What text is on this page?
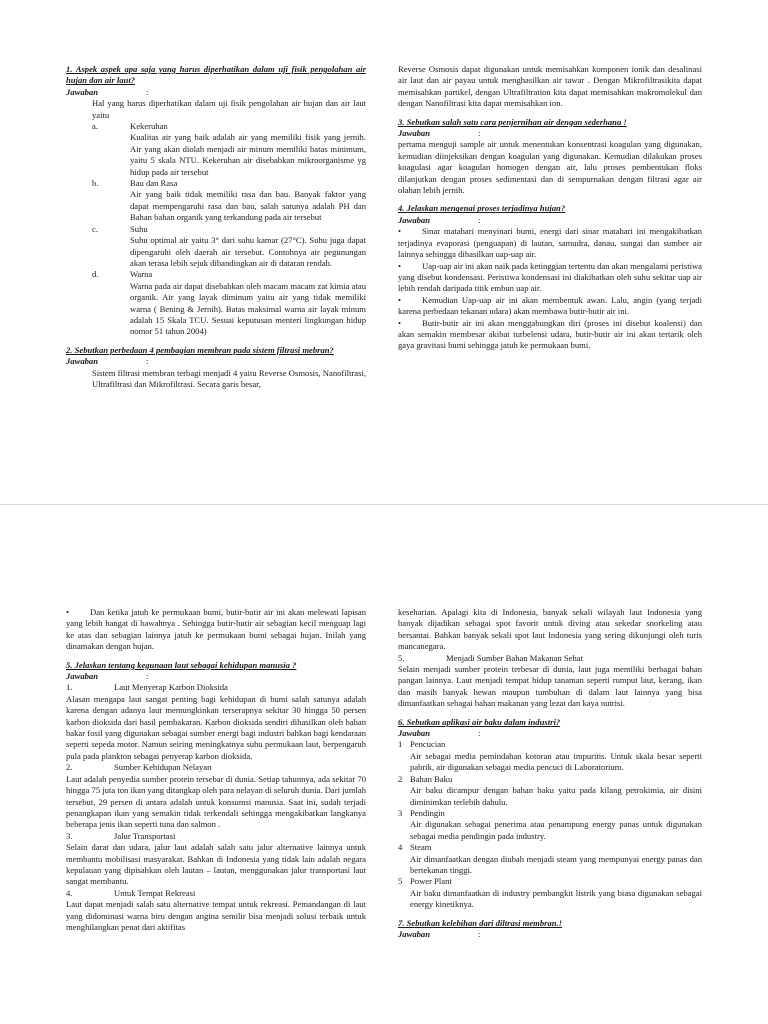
1. Aspek aspek apa saja yang harus diperhatikan dalam uji fisik pengolahan air hujan dan air laut?

Jawaban	:

Hal yang harus diperhatikan dalam uji fisik pengolahan air hujan dan air laut yaitu

a.	Kekeruhan

Kualitas air yang baik adalah air yang memiliki fisik yang jernih. Air yang akan diolah menjadi air minum memiliki batas minimum, yaitu 5 skala NTU. Kekeruhan air disebabkan mikroorganisme yg hidup pada air tersebut

b.	Bau dan Rasa

Air yang baik tidak memiliki rasa dan bau. Banyak faktor yang dapat mempengaruhi rasa dan bau, salah satunya adalah PH dan Bahan bahan organik yang terkandung pada air tersebut

c.	Suhu

Suhu optimal air yaitu 3° dari suhu kamar (27°C). Suhu juga dapat dipengaruhi oleh daerah air tersebut. Contohnya air pegunungan akan terasa lebih sejuk dibandingkan air di dataran rendah.

d.	Warna

Warna pada air dapat disebabkan oleh macam macam zat kimia atau organik. Air yang layak diminum yaitu air yang tidak memiliki warna ( Bening & Jernih). Batas maksimal warna air layak minum adalah 15 Skala TCU. Sesuai keputusan menteri lingkungan hidup nomor 51 tahun 2004)

2. Sebutkan perbedaan 4 pembagian membran pada sistem filtrasi mebran?

Jawaban	:

Sistem filtrasi membran terbagi menjadi 4 yaitu Reverse Osmosis, Nanofiltrasi, Ultrafiltrasi dan Mikrofiltrasi. Secara garis besar,

Reverse Osmosis dapat digunakan untuk memisahkan komponen ionik dan desalinasi air laut dan air payau untuk menghasilkan air tawar . Dengan Mikrofiltrasikita dapat memisahkan partikel, dengan Ultrafiltration kita dapat memisahkan makromolekul dan dengan Nanofiltrasi kita dapat memisahkan ion.

3. Sebutkan salah satu cara penjernihan air dengan sederhana !

Jawaban	:

pertama menguji sample air untuk menentukan konsentrasi koagulan yang digunakan, kemudian diinjeksikan dengan koagulan yang digunakan. Kemudian dilakukan proses koagulasi agar koagulan homogen dengan air, lalu proses pembentukan floks dilanjutkan dengan proses sedimentasi dan di sempurnakan dengan filtrasi agar air olahan lebih jernih.

4. Jelaskan mengenai proses terjadinya hujan?

Jawaban	:

• Sinar matahari menyinari bumi, energi dari sinar matahari ini mengakibatkan terjadinya evaporasi (penguapan) di lautan, samudra, danau, sungai dan sumber air lainnya sehingga dihasilkan uap-uap air.

• Uap-uap air ini akan naik pada ketinggian tertentu dan akan mengalami peristiwa yang disebut kondensasi. Peristiwa kondensasi ini diakibatkan oleh suhu sekitar uap air lebih rendah daripada titik embun uap air.

• Kemudian Uap-uap air ini akan membentuk awan. Lalu, angin (yang terjadi karena perbedaan tekanan udara) akan membawa butir-butir air ini.

• Butir-butir air ini akan menggabungkan diri (proses ini disebut koalensi) dan akan semakin membesar akibat turbelensi udara, butir-butir air ini akan tertarik oleh gaya gravitasi bumi sehingga jatuh ke permukaan bumi.

• Dan ketika jatuh ke permukaan bumi, butir-butir air ini akan melewati lapisan yang lebih hangat di bawahnya . Sehingga butir-butir air sebagian kecil menguap lagi ke atas dan sebagian lainnya jatuh ke permukaan bumi sebagai hujan. Inilah yang dinamakan dengan hujan.

5. Jelaskan tentang kegunaan laut sebagai kehidupan manusia ?

Jawaban	:

1.	Laut Menyerap Karbon Dioksida

Alasan mengapa laut sangat penting bagi kehidupan di bumi salah satunya adalah karena dengan adanya laut memungkinkan terserapnya sekitar 30 hingga 50 persen karbon dioksida dari hasil pembakaran. Karbon dioksida sendiri dihasilkan oleh bahan bakar fosil yang digunakan sebagai sumber energi bagi industri bahkan bagi kendaraan seperti sepeda motor. Namun seiring meningkatnya suhu permukaan laut, berpengaruh pula pada plankton sebagai penyerap karbon dioksida.

2.	Sumber Kehidupan Nelayan

Laut adalah penyedia sumber protein tersebar di dunia. Setiap tahunnya, ada sekitar 70 hingga 75 juta ton ikan yang ditangkap oleh para nelayan di seluruh dunia. Dari jumlah tersebut, 29 persen di antara adalah untuk konsumsi manusia. Saat ini, sudah terjadi penangkapan ikan yang semakin tidak terkendali sehingga mengakibatkan langkanya beberapa jenis ikan seperti tuna dan salmon .

3.	Jalur Transportasi

Selain darat dan udara, jalur laut adalah salah satu jalur alternative lainnya untuk membantu mobilisasi masyarakat. Bahkan di Indonesia yang tidak lain adalah negara kepulauan yang dipisahkan oleh lautan – lautan, menggunakan jalur transportasi laut sangat membantu.

4.	Untuk Tempat Rekreasi

Laut dapat menjadi salah satu alternative tempat untuk rekreasi. Pemandangan di laut yang didominasi warna biru dengan angina semilir bisa menjadi solusi terbaik untuk menghilangkan penat dari aktifitas

keseharian. Apalagi kita di Indonesia, banyak sekali wilayah laut Indonesia yang banyak dijadikan sebagai spot favorit untuk diving atau sekedar snorkeling atau bersantai. Bahkan banyak sekali spot laut Indonesia yang sering dikunjungi oleh turis mancanegara.

5.	Menjadi Sumber Bahan Makanan Sehat

Selain menjadi sumber protein terbesar di dunia, laut juga memiliki berbagai bahan pangan lainnya. Laut menjadi tempat hidup tanaman seperti rumput laut, kerang, ikan dan masih banyak hewan maupun tumbuhan di dalam laut lainnya yang bisa dimanfaatkan sebagai bahan makanan yang lezat dan kaya nutrisi.

6. Sebutkan aplikasi air baku dalam industri?

Jawaban	:

1 Pencucian

Air sebagai media pemindahan kotoran atau impuritis. Untuk skala besar seperti pabrik, air digunakan sebagai media pencuci di Laboratorium.

2 Bahan Baku

Air baku dicampur dengan bahan baku yaitu pada kilang petrokimia, air disini diminimkan terlebih dahulu.

3 Pendingin

Air digunakan sebagai penerima atau penampung energy panas untuk digunakan sebagai media pendingin pada industry.

4 Steam

Air dimanfaatkan dengan diubah menjadi steam yang mempunyai energy panas dan bertekanan tinggi.

5 Power Plant

Air baku dimanfaatkan di industry pembangkit listrik yang biasa digunakan sebagai energy kinetiknya.

7. Sebutkan kelebihan dari diltrasi membran.!

Jawaban	:
